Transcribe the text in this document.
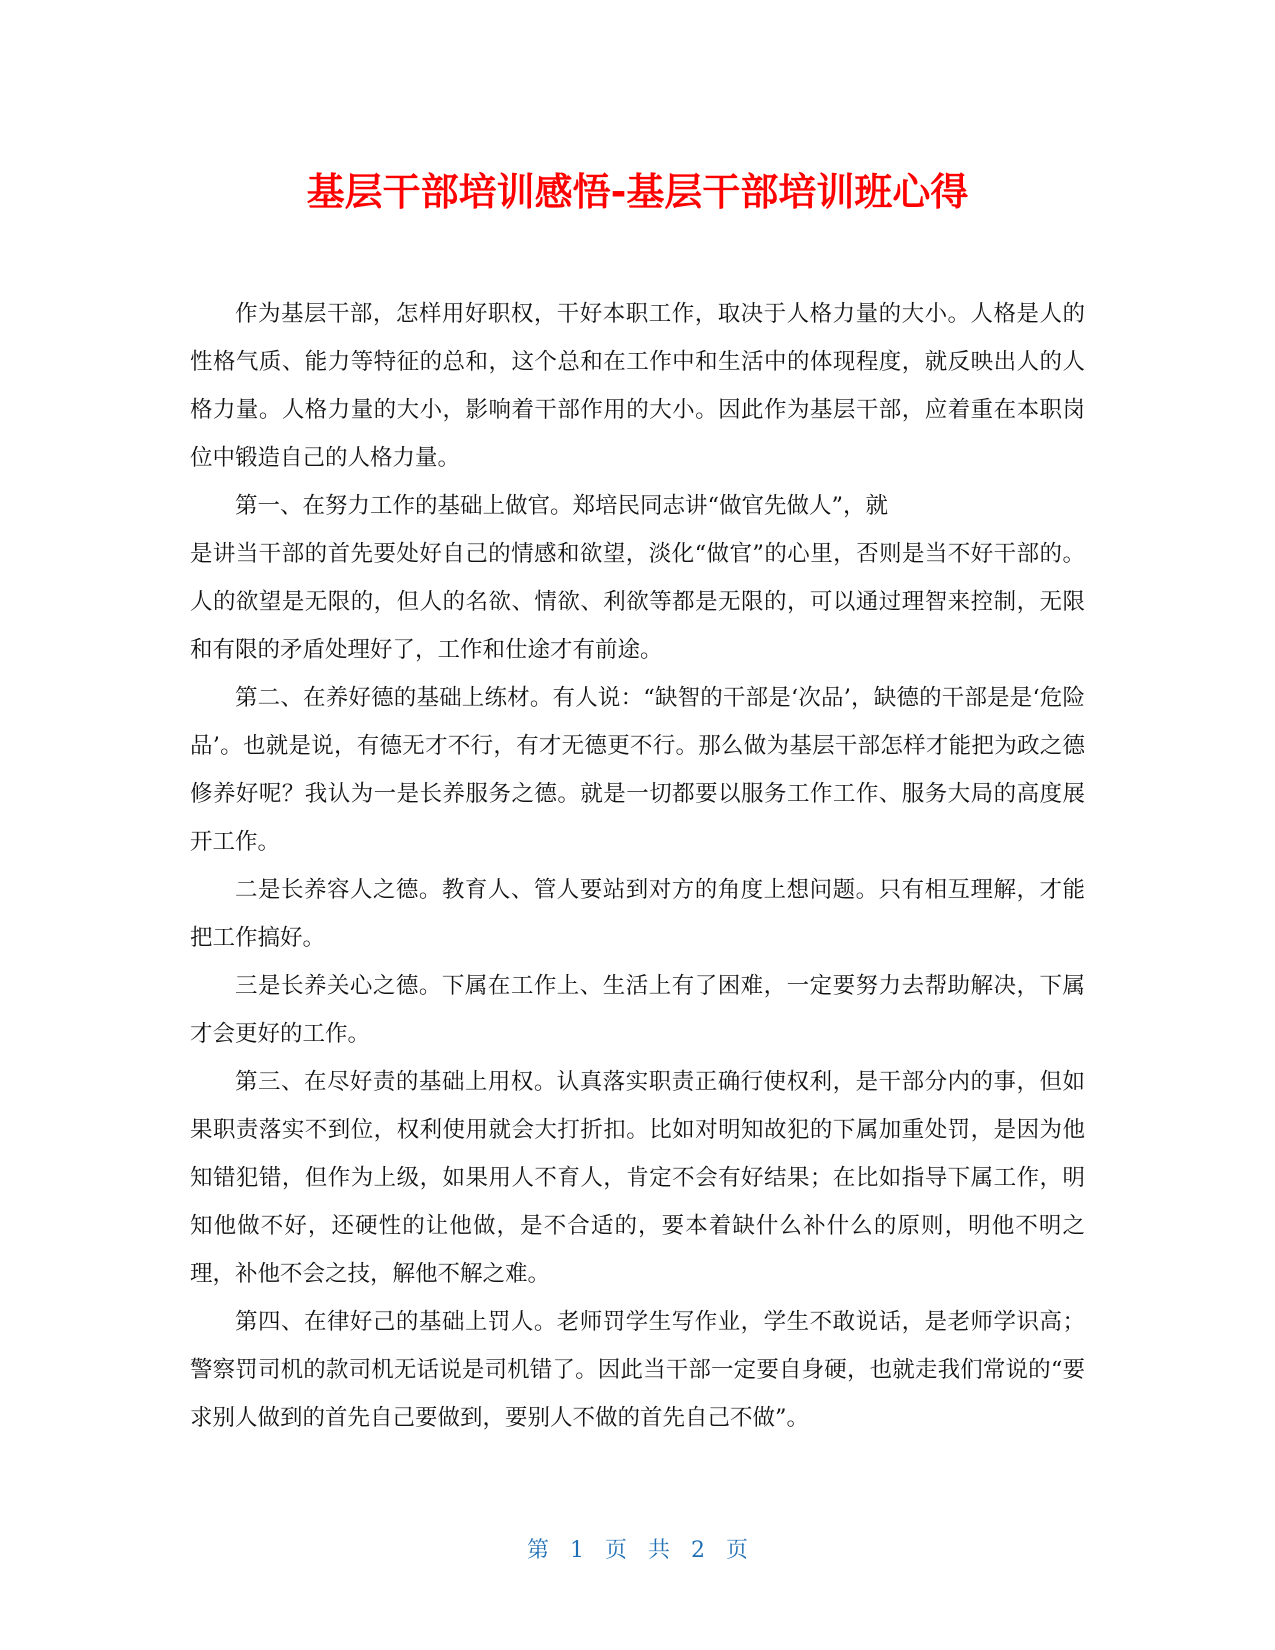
基层干部培训感悟-基层干部培训班心得

作为基层干部，怎样用好职权，干好本职工作，取决于人格力量的大小。人格是人的性格气质、能力等特征的总和，这个总和在工作中和生活中的体现程度，就反映出人的人格力量。人格力量的大小，影响着干部作用的大小。因此作为基层干部，应着重在本职岗位中锻造自己的人格力量。

第一、在努力工作的基础上做官。郑培民同志讲“做官先做人”，就

是讲当干部的首先要处好自己的情感和欲望，淡化“做官”的心里，否则是当不好干部的。人的欲望是无限的，但人的名欲、情欲、利欲等都是无限的，可以通过理智来控制，无限和有限的矛盾处理好了，工作和仕途才有前途。

第二、在养好德的基础上练材。有人说：“缺智的干部是‘次品’，缺德的干部是是‘危险品’。也就是说，有德无才不行，有才无德更不行。那么做为基层干部怎样才能把为政之德修养好呢？我认为一是长养服务之德。就是一切都要以服务工作工作、服务大局的高度展开工作。

二是长养容人之德。教育人、管人要站到对方的角度上想问题。只有相互理解，才能把工作搞好。

三是长养关心之德。下属在工作上、生活上有了困难，一定要努力去帮助解决，下属才会更好的工作。

第三、在尽好责的基础上用权。认真落实职责正确行使权利，是干部分内的事，但如果职责落实不到位，权利使用就会大打折扣。比如对明知故犯的下属加重处罚，是因为他知错犯错，但作为上级，如果用人不育人，肯定不会有好结果；在比如指导下属工作，明知他做不好，还硬性的让他做，是不合适的，要本着缺什么补什么的原则，明他不明之理，补他不会之技，解他不解之难。

第四、在律好己的基础上罚人。老师罚学生写作业，学生不敢说话，是老师学识高；警察罚司机的款司机无话说是司机错了。因此当干部一定要自身硬，也就走我们常说的“要求别人做到的首先自己要做到，要别人不做的首先自己不做”。

第 1 页 共 2 页
